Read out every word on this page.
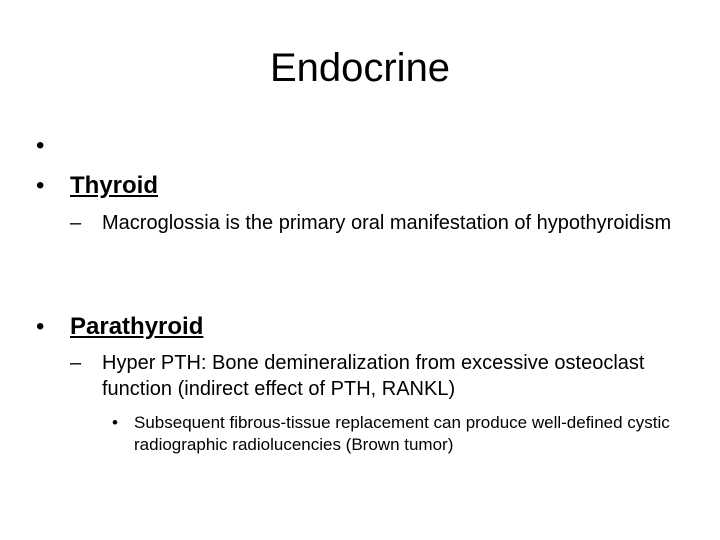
Endocrine
•
• Thyroid
– Macroglossia is the primary oral manifestation of hypothyroidism
• Parathyroid
– Hyper PTH: Bone demineralization from excessive osteoclast function (indirect effect of PTH, RANKL)
• Subsequent fibrous-tissue replacement can produce well-defined cystic radiographic radiolucencies (Brown tumor)
